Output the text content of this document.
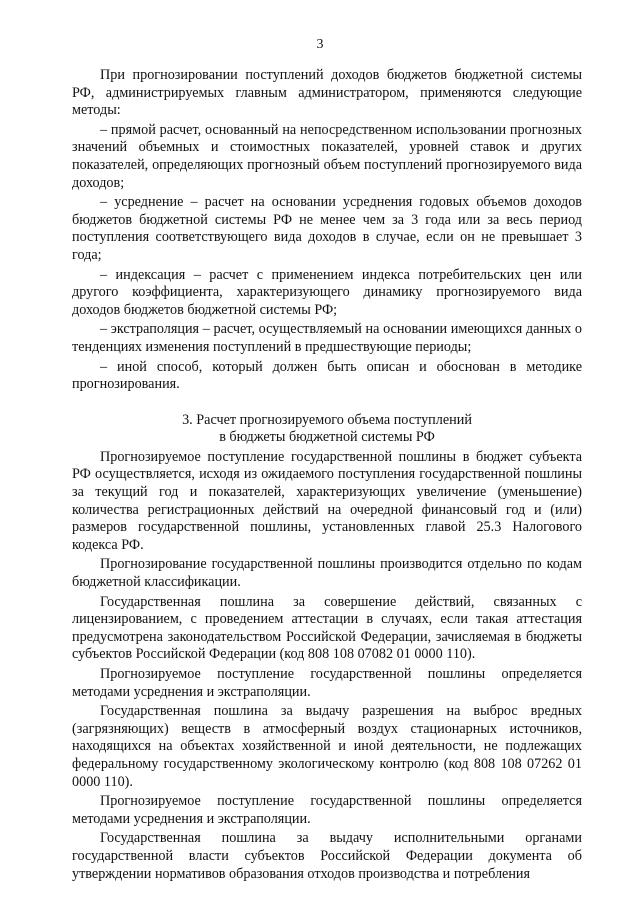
3

При прогнозировании поступлений доходов бюджетов бюджетной системы РФ, администрируемых главным администратором, применяются следующие методы:

– прямой расчет, основанный на непосредственном использовании прогнозных значений объемных и стоимостных показателей, уровней ставок и других показателей, определяющих прогнозный объем поступлений прогнозируемого вида доходов;

– усреднение – расчет на основании усреднения годовых объемов доходов бюджетов бюджетной системы РФ не менее чем за 3 года или за весь период поступления соответствующего вида доходов в случае, если он не превышает 3 года;

– индексация – расчет с применением индекса потребительских цен или другого коэффициента, характеризующего динамику прогнозируемого вида доходов бюджетов бюджетной системы РФ;

– экстраполяция – расчет, осуществляемый на основании имеющихся данных о тенденциях изменения поступлений в предшествующие периоды;

– иной способ, который должен быть описан и обоснован в методике прогнозирования.

3. Расчет прогнозируемого объема поступлений
в бюджеты бюджетной системы РФ

Прогнозируемое поступление государственной пошлины в бюджет субъекта РФ осуществляется, исходя из ожидаемого поступления государственной пошлины за текущий год и показателей, характеризующих увеличение (уменьшение) количества регистрационных действий на очередной финансовый год и (или) размеров государственной пошлины, установленных главой 25.3 Налогового кодекса РФ.

Прогнозирование государственной пошлины производится отдельно по кодам бюджетной классификации.

Государственная пошлина за совершение действий, связанных с лицензированием, с проведением аттестации в случаях, если такая аттестация предусмотрена законодательством Российской Федерации, зачисляемая в бюджеты субъектов Российской Федерации (код 808 108 07082 01 0000 110).

Прогнозируемое поступление государственной пошлины определяется методами усреднения и экстраполяции.

Государственная пошлина за выдачу разрешения на выброс вредных (загрязняющих) веществ в атмосферный воздух стационарных источников, находящихся на объектах хозяйственной и иной деятельности, не подлежащих федеральному государственному экологическому контролю (код 808 108 07262 01 0000 110).

Прогнозируемое поступление государственной пошлины определяется методами усреднения и экстраполяции.

Государственная пошлина за выдачу исполнительными органами государственной власти субъектов Российской Федерации документа об утверждении нормативов образования отходов производства и потребления
